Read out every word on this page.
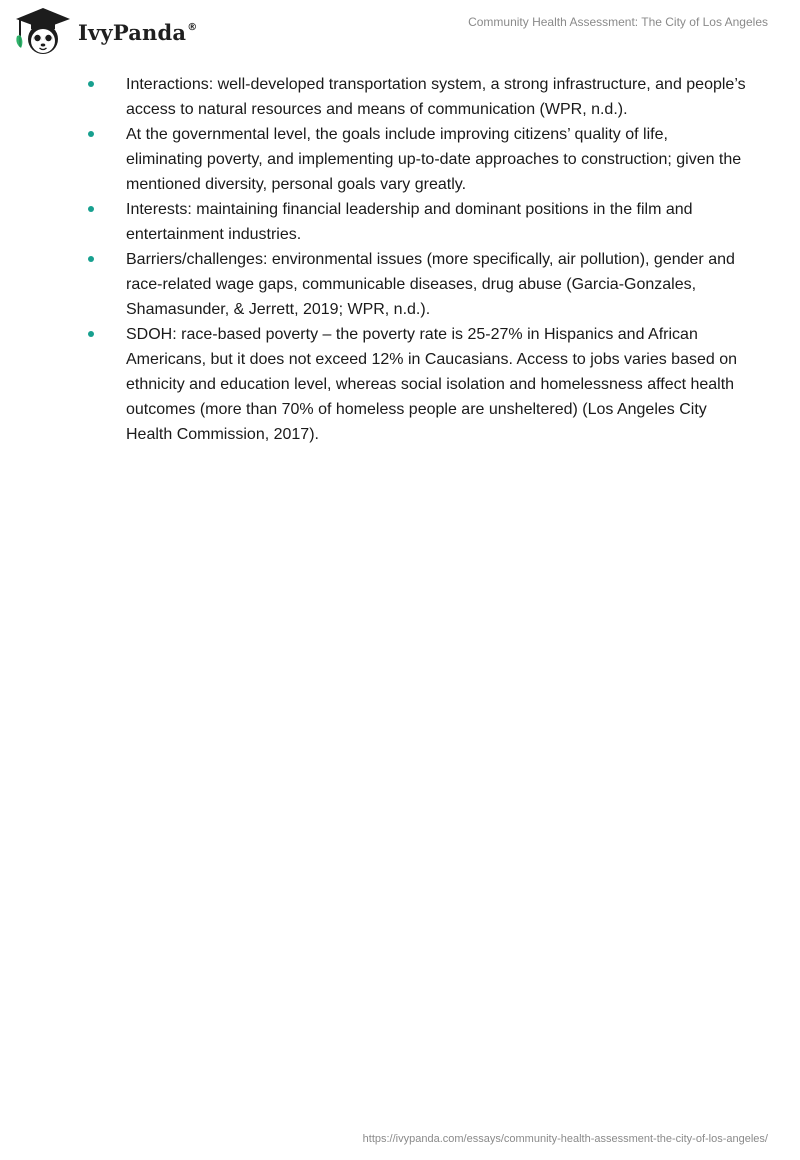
IvyPanda®	Community Health Assessment: The City of Los Angeles
Interactions: well-developed transportation system, a strong infrastructure, and people’s access to natural resources and means of communication (WPR, n.d.).
At the governmental level, the goals include improving citizens’ quality of life, eliminating poverty, and implementing up-to-date approaches to construction; given the mentioned diversity, personal goals vary greatly.
Interests: maintaining financial leadership and dominant positions in the film and entertainment industries.
Barriers/challenges: environmental issues (more specifically, air pollution), gender and race-related wage gaps, communicable diseases, drug abuse (Garcia-Gonzales, Shamasunder, & Jerrett, 2019; WPR, n.d.).
SDOH: race-based poverty – the poverty rate is 25-27% in Hispanics and African Americans, but it does not exceed 12% in Caucasians. Access to jobs varies based on ethnicity and education level, whereas social isolation and homelessness affect health outcomes (more than 70% of homeless people are unsheltered) (Los Angeles City Health Commission, 2017).
https://ivypanda.com/essays/community-health-assessment-the-city-of-los-angeles/
